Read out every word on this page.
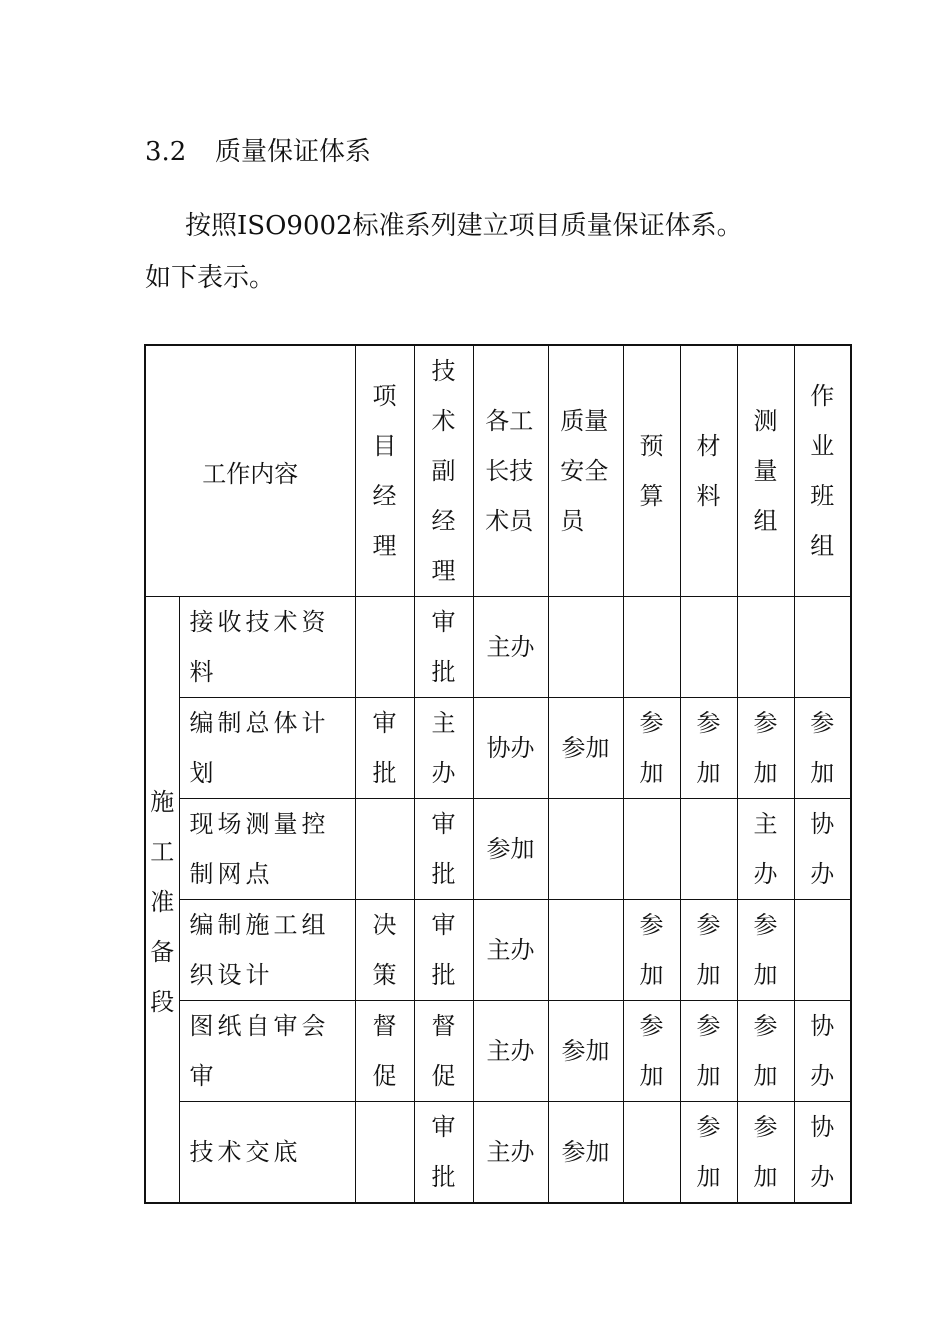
3.2 质量保证体系
按照ISO9002标准系列建立项目质量保证体系。
如下表示。
工作内容		项目经理	技术副经理	各工长技术员	质量安全员	预算	材料	测量组	作业班组

施工准备段	接收技术资料		审批	主办					

	编制总体计划	审批	主办	协办	参加	参加	参加	参加	参加

	现场测量控制网点		审批	参加				主办	协办

	编制施工组织设计	决策	审批	主办		参加	参加	参加	

	图纸自审会审	督促	督促	主办	参加	参加	参加	参加	协办

	技术交底		审批	主办	参加		参加	参加	协办
